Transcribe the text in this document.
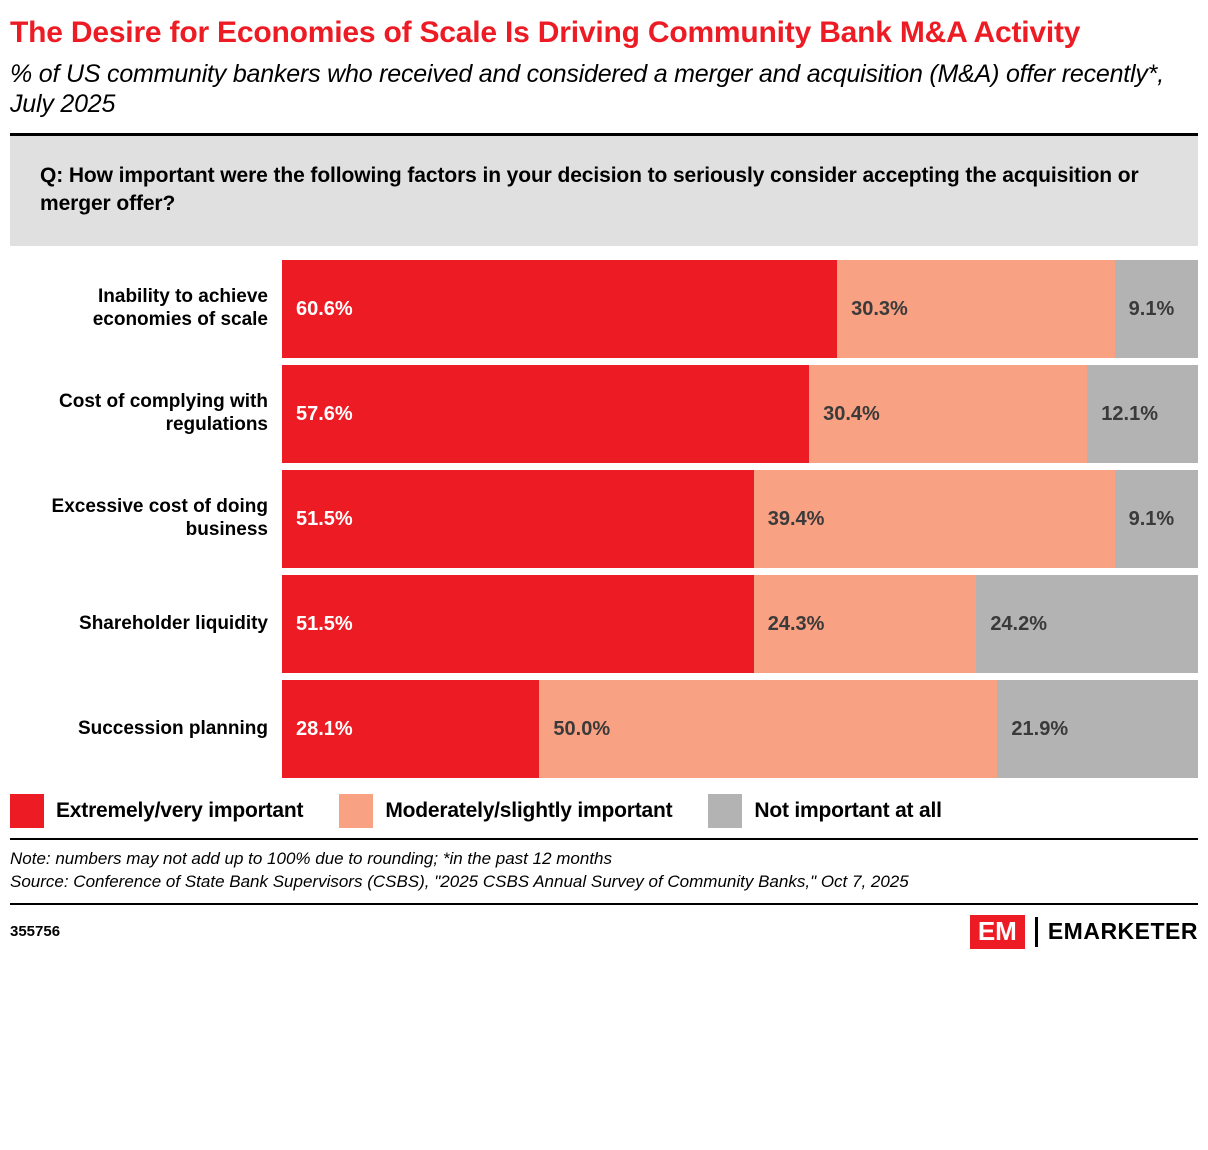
The Desire for Economies of Scale Is Driving Community Bank M&A Activity
% of US community bankers who received and considered a merger and acquisition (M&A) offer recently*, July 2025
Q: How important were the following factors in your decision to seriously consider accepting the acquisition or merger offer?
Inability to achieve economies of scale	60.6%	30.3%	9.1%
Cost of complying with regulations	57.6%	30.4%	12.1%
Excessive cost of doing business	51.5%	39.4%	9.1%
Shareholder liquidity	51.5%	24.3%	24.2%
Succession planning	28.1%	50.0%	21.9%
Extremely/very important	Moderately/slightly important	Not important at all
Note: numbers may not add up to 100% due to rounding; *in the past 12 months
Source: Conference of State Bank Supervisors (CSBS), "2025 CSBS Annual Survey of Community Banks," Oct 7, 2025
355756	EM	EMARKETER
